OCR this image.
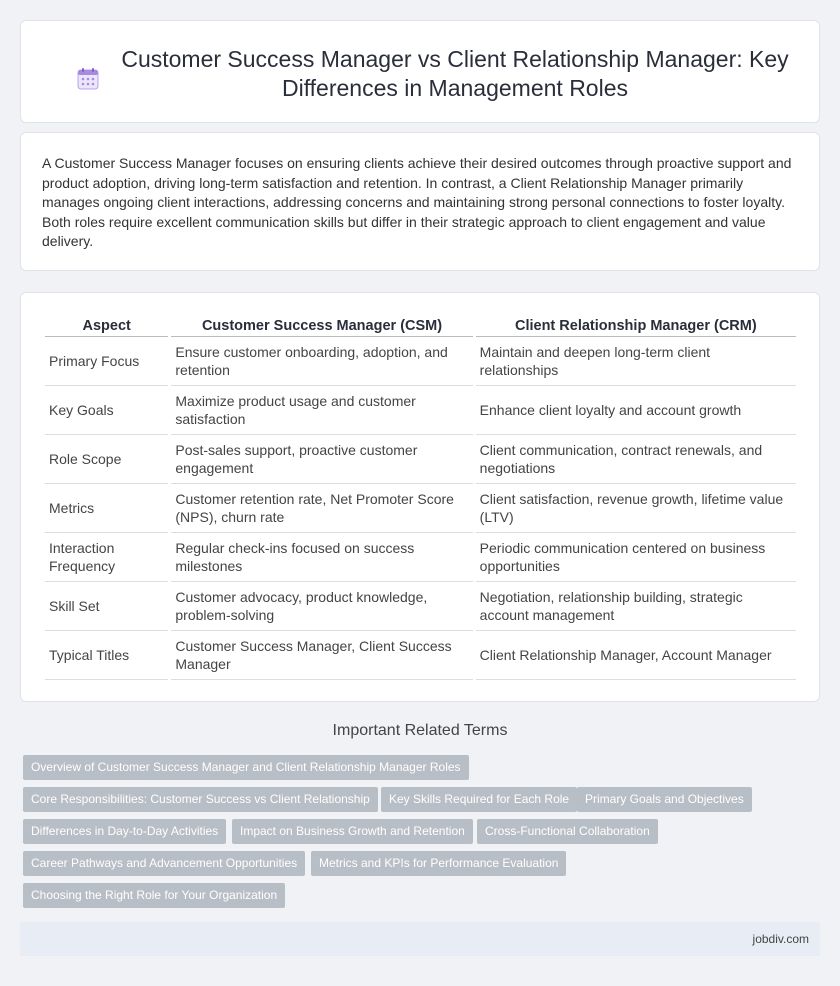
Customer Success Manager vs Client Relationship Manager: Key Differences in Management Roles

A Customer Success Manager focuses on ensuring clients achieve their desired outcomes through proactive support and product adoption, driving long-term satisfaction and retention. In contrast, a Client Relationship Manager primarily manages ongoing client interactions, addressing concerns and maintaining strong personal connections to foster loyalty. Both roles require excellent communication skills but differ in their strategic approach to client engagement and value delivery.

Aspect	Customer Success Manager (CSM)	Client Relationship Manager (CRM)
Primary Focus	Ensure customer onboarding, adoption, and retention	Maintain and deepen long-term client relationships
Key Goals	Maximize product usage and customer satisfaction	Enhance client loyalty and account growth
Role Scope	Post-sales support, proactive customer engagement	Client communication, contract renewals, and negotiations
Metrics	Customer retention rate, Net Promoter Score (NPS), churn rate	Client satisfaction, revenue growth, lifetime value (LTV)
Interaction Frequency	Regular check-ins focused on success milestones	Periodic communication centered on business opportunities
Skill Set	Customer advocacy, product knowledge, problem-solving	Negotiation, relationship building, strategic account management
Typical Titles	Customer Success Manager, Client Success Manager	Client Relationship Manager, Account Manager
Important Related Terms
Overview of Customer Success Manager and Client Relationship Manager Roles
Core Responsibilities: Customer Success vs Client Relationship	Key Skills Required for Each Role	Primary Goals and Objectives
Differences in Day-to-Day Activities	Impact on Business Growth and Retention	Cross-Functional Collaboration
Career Pathways and Advancement Opportunities	Metrics and KPIs for Performance Evaluation
Choosing the Right Role for Your Organization
jobdiv.com
